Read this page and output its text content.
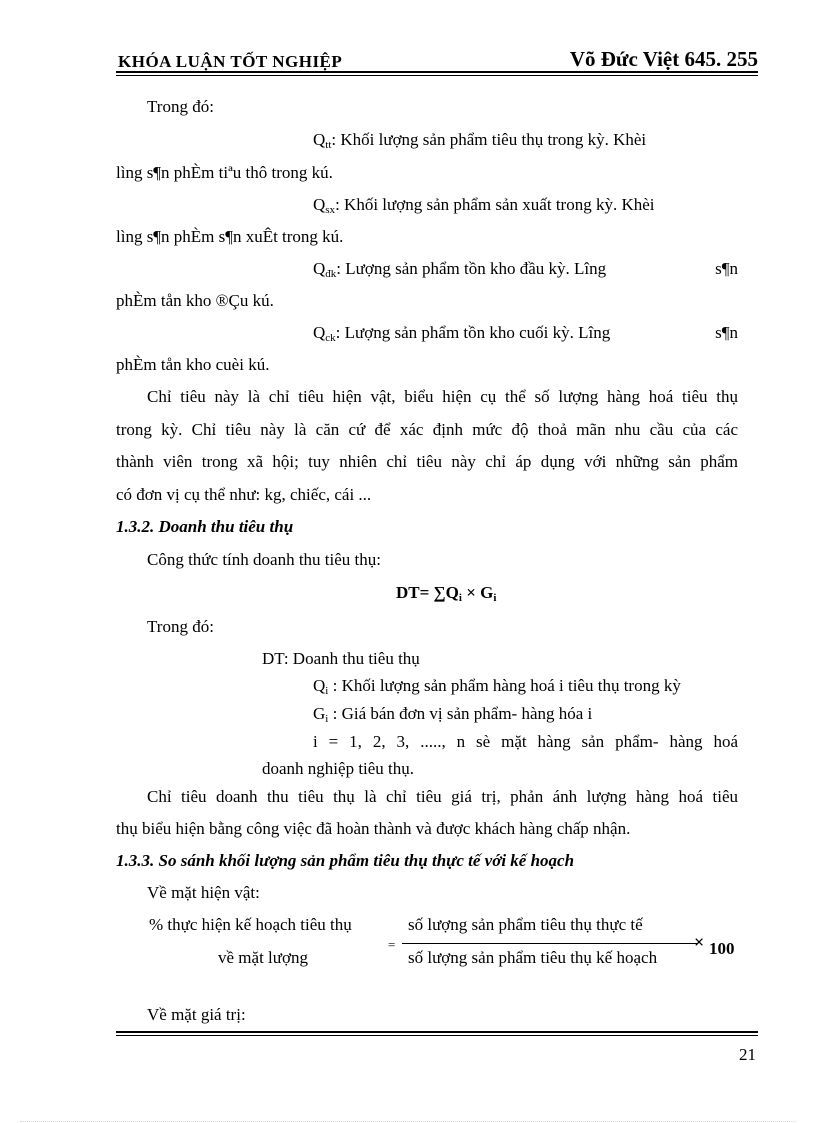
KHÓA LUẬN TỐT NGHIỆP	Võ Đức Việt 645. 255
Trong đó:
$Q_{tt}$: Khối lượng sản phẩm tiêu thụ trong kỳ. Khèi
lìng s¶n phÈm tiªu thô trong kú.
$Q_{sx}$: Khối lượng sản phẩm sản xuất trong kỳ. Khèi
lìng s¶n phÈm s¶n xuÊt trong kú.
$Q_{đk}$: Lượng sản phẩm tồn kho đầu kỳ. Lîng	s¶n
phÈm tån kho ®Çu kú.
$Q_{ck}$: Lượng sản phẩm tồn kho cuối kỳ. Lîng	s¶n
phÈm tån kho cuèi kú.
Chỉ tiêu này là chỉ tiêu hiện vật, biểu hiện cụ thể số lượng hàng hoá tiêu thụ
trong kỳ. Chỉ tiêu này là căn cứ để xác định mức độ thoả mãn nhu cầu của các
thành viên trong xã hội; tuy nhiên chỉ tiêu này chỉ áp dụng với những sản phẩm
có đơn vị cụ thể như: kg, chiếc, cái ...
1.3.2. Doanh thu tiêu thụ
Công thức tính doanh thu tiêu thụ:
$DT= \sum Q_i \times G_i$
Trong đó:
DT: Doanh thu tiêu thụ
$Q_i$ : Khối lượng sản phẩm hàng hoá i tiêu thụ trong kỳ
$G_i$ : Giá bán đơn vị sản phẩm- hàng hóa i
i = 1, 2, 3, ....., n sè mặt hàng sản phẩm- hàng hoá
doanh nghiệp tiêu thụ.
Chỉ tiêu doanh thu tiêu thụ là chỉ tiêu giá trị, phản ánh lượng hàng hoá tiêu
thụ biểu hiện bằng công việc đã hoàn thành và được khách hàng chấp nhận.
1.3.3. So sánh khối lượng sản phẩm tiêu thụ thực tế với kế hoạch
Về mặt hiện vật:
% thực hiện kế hoạch tiêu thụ
về mặt lượng
=
số lượng sản phẩm tiêu thụ thực tế
số lượng sản phẩm tiêu thụ kế hoạch
× 100
Về mặt giá trị:
21
